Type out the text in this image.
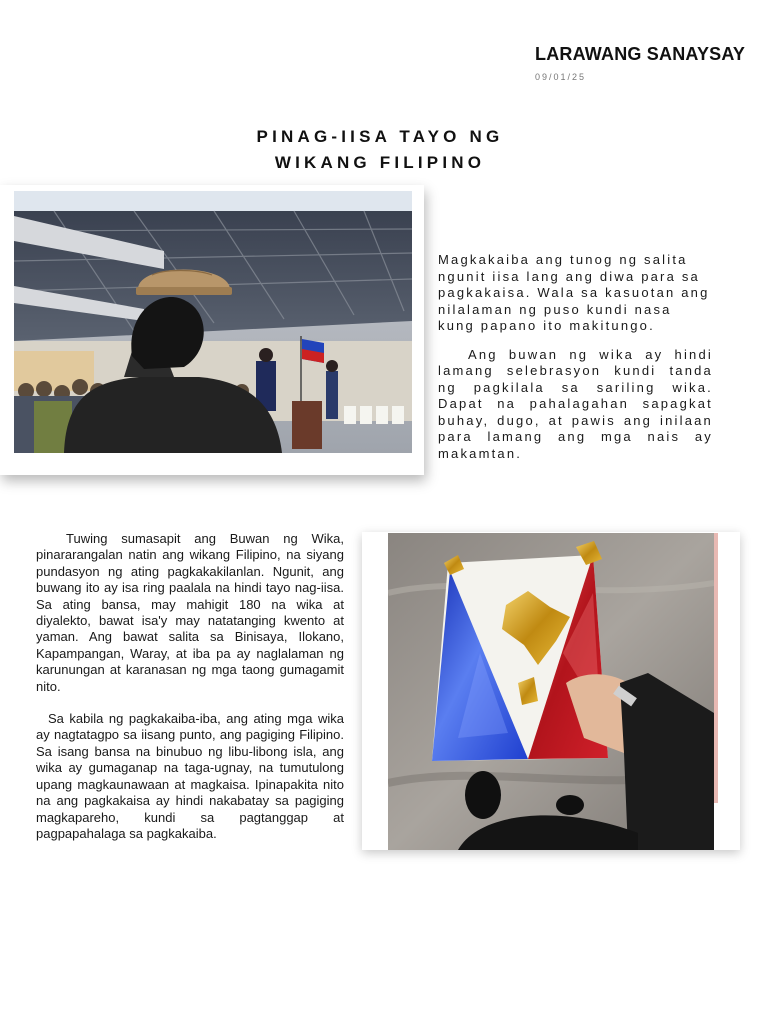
LARAWANG SANAYSAY
09/01/25
PINAG-IISA TAYO NG
WIKANG FILIPINO

Magkakaiba ang tunog ng salita ngunit iisa lang ang diwa para sa pagkakaisa. Wala sa kasuotan ang nilalaman ng puso kundi nasa kung papano ito makitungo.

Ang buwan ng wika ay hindi lamang selebrasyon kundi tanda ng pagkilala sa sariling wika. Dapat na pahalagahan sapagkat buhay, dugo, at pawis ang inilaan para lamang ang mga nais ay makamtan.

Tuwing sumasapit ang Buwan ng Wika, pinararangalan natin ang wikang Filipino, na siyang pundasyon ng ating pagkakakilanlan. Ngunit, ang buwang ito ay isa ring paalala na hindi tayo nag-iisa. Sa ating bansa, may mahigit 180 na wika at diyalekto, bawat isa'y may natatanging kwento at yaman. Ang bawat salita sa Binisaya, Ilokano, Kapampangan, Waray, at iba pa ay naglalaman ng karunungan at karanasan ng mga taong gumagamit nito.

Sa kabila ng pagkakaiba-iba, ang ating mga wika ay nagtatagpo sa iisang punto, ang pagiging Filipino. Sa isang bansa na binubuo ng libu-libong isla, ang wika ay gumaganap na taga-ugnay, na tumutulong upang magkaunawaan at magkaisa. Ipinapakita nito na ang pagkakaisa ay hindi nakabatay sa pagiging magkapareho, kundi sa pagtanggap at pagpapahalaga sa pagkakaiba.
